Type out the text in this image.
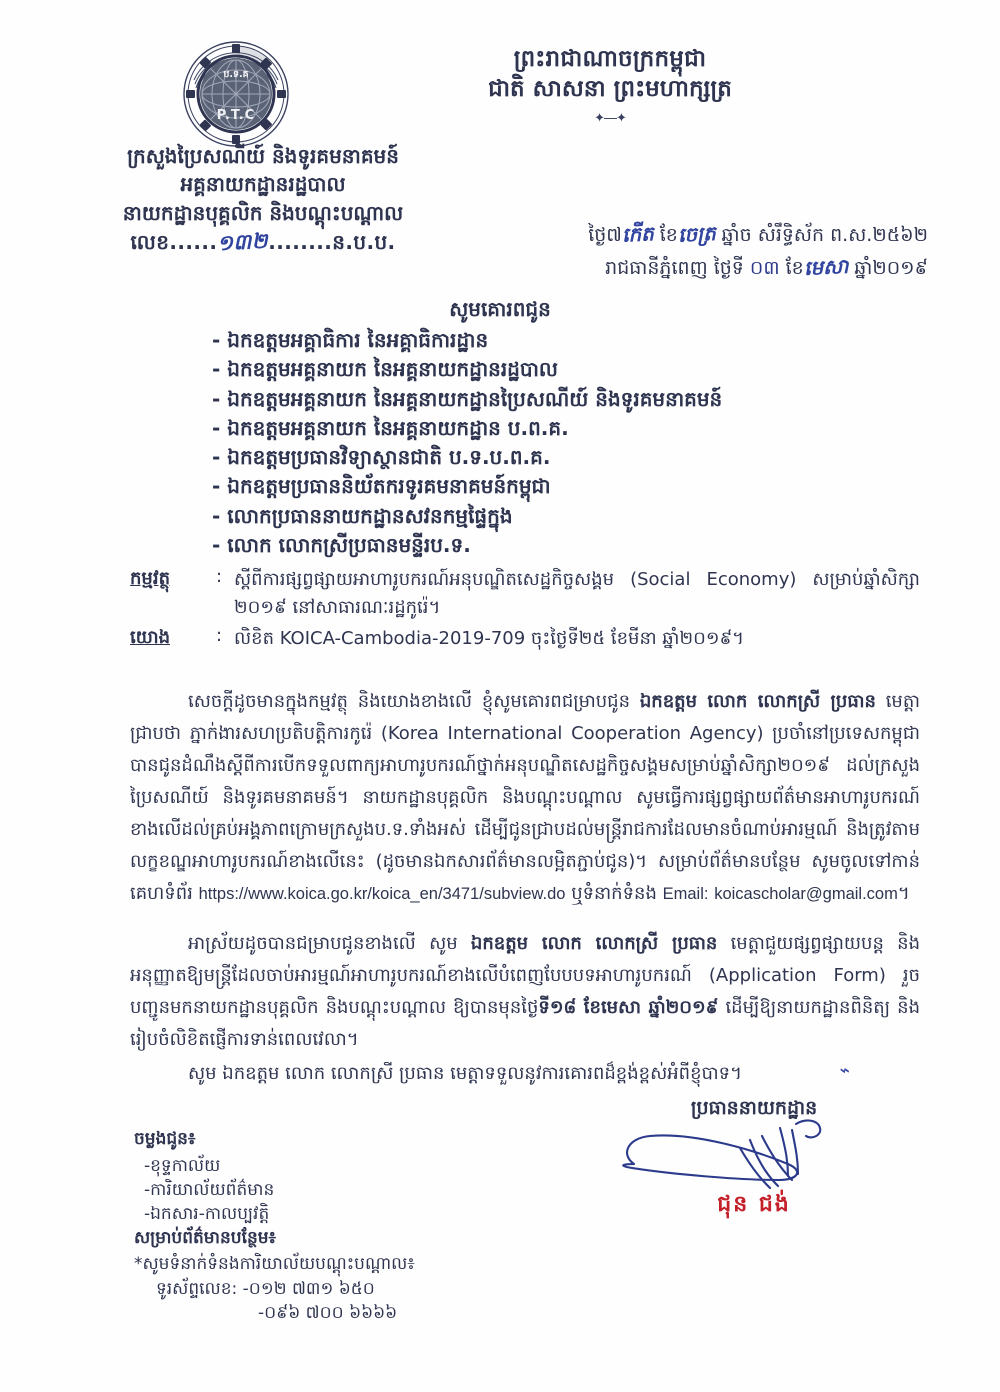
ប.ទ.គ
P.T.C
ព្រះរាជាណាចក្រកម្ពុជា
ជាតិ សាសនា ព្រះមហាក្សត្រ
✦―✦
ក្រសួងប្រៃសណីយ៍ និងទូរគមនាគមន៍
អគ្គនាយកដ្ឋានរដ្ឋបាល
នាយកដ្ឋានបុគ្គលិក និងបណ្ដុះបណ្ដាល
លេខ......១៣២........ន.ប.ប.	ថ្ងៃ៧កើត ខែចេត្រ ឆ្នាំច សំរឹទ្ធិស័ក ព.ស.២៥៦២
រាជធានីភ្នំពេញ ថ្ងៃទី ០៣ ខែមេសា ឆ្នាំ២០១៩
សូមគោរពជូន
- ឯកឧត្តមអគ្គាធិការ នៃអគ្គាធិការដ្ឋាន
- ឯកឧត្តមអគ្គនាយក នៃអគ្គនាយកដ្ឋានរដ្ឋបាល
- ឯកឧត្តមអគ្គនាយក នៃអគ្គនាយកដ្ឋានប្រៃសណីយ៍ និងទូរគមនាគមន៍
- ឯកឧត្តមអគ្គនាយក នៃអគ្គនាយកដ្ឋាន ប.ព.គ.
- ឯកឧត្តមប្រធានវិទ្យាស្ថានជាតិ ប.ទ.ប.ព.គ.
- ឯកឧត្តមប្រធាននិយ័តករទូរគមនាគមន៍កម្ពុជា
- លោកប្រធាននាយកដ្ឋានសវនកម្មផ្ទៃក្នុង
- លោក លោកស្រីប្រធានមន្ទីរប.ទ.
កម្មវត្ថុ	: ស្ដីពីការផ្សព្វផ្សាយអាហារូបករណ៍អនុបណ្ឌិតសេដ្ឋកិច្ចសង្គម (Social Economy) សម្រាប់ឆ្នាំសិក្សា ២០១៩ នៅសាធារណៈរដ្ឋកូរ៉េ។
យោង	: លិខិត KOICA-Cambodia-2019-709 ចុះថ្ងៃទី២៥ ខែមីនា ឆ្នាំ២០១៩។

សេចក្ដីដូចមានក្នុងកម្មវត្ថុ និងយោងខាងលើ ខ្ញុំសូមគោរពជម្រាបជូន ឯកឧត្តម លោក លោកស្រី ប្រធាន មេត្តាជ្រាបថា ភ្នាក់ងារសហប្រតិបត្តិការកូរ៉េ (Korea International Cooperation Agency) ប្រចាំនៅប្រទេសកម្ពុជា បានជូនដំណឹងស្ដីពីការបើកទទួលពាក្យអាហារូបករណ៍ថ្នាក់អនុបណ្ឌិតសេដ្ឋកិច្ចសង្គមសម្រាប់ឆ្នាំសិក្សា២០១៩ ដល់ក្រសួងប្រៃសណីយ៍ និងទូរគមនាគមន៍។ នាយកដ្ឋានបុគ្គលិក និងបណ្ដុះបណ្ដាល សូមធ្វើការផ្សព្វផ្សាយព័ត៌មានអាហារូបករណ៍ខាងលើដល់គ្រប់អង្គភាពក្រោមក្រសួងប.ទ.ទាំងអស់ ដើម្បីជូនជ្រាបដល់មន្ត្រីរាជការដែលមានចំណាប់អារម្មណ៍ និងត្រូវតាមលក្ខខណ្ឌអាហារូបករណ៍ខាងលើនេះ (ដូចមានឯកសារព័ត៌មានលម្អិតភ្ជាប់ជូន)។ សម្រាប់ព័ត៌មានបន្ថែម សូមចូលទៅកាន់គេហទំព័រ https://www.koica.go.kr/koica_en/3471/subview.do ឬទំនាក់ទំនង Email: koicascholar@gmail.com។

អាស្រ័យដូចបានជម្រាបជូនខាងលើ សូម ឯកឧត្តម លោក លោកស្រី ប្រធាន មេត្តាជួយផ្សព្វផ្សាយបន្ត និងអនុញ្ញាតឱ្យមន្ត្រីដែលចាប់អារម្មណ៍អាហារូបករណ៍ខាងលើបំពេញបែបបទអាហារូបករណ៍ (Application Form) រួចបញ្ជូនមកនាយកដ្ឋានបុគ្គលិក និងបណ្ដុះបណ្ដាល ឱ្យបានមុនថ្ងៃទី១៨ ខែមេសា ឆ្នាំ២០១៩ ដើម្បីឱ្យនាយកដ្ឋានពិនិត្យ និងរៀបចំលិខិតផ្ញើការទាន់ពេលវេលា។

សូម ឯកឧត្តម លោក លោកស្រី ប្រធាន មេត្តាទទួលនូវការគោរពដ៏ខ្ពង់ខ្ពស់អំពីខ្ញុំបាទ។

ប្រធាននាយកដ្ឋាន
ជុន ជង់
ចម្លងជូន៖
-ខុទ្ទកាល័យ
-ការិយាល័យព័ត៌មាន
-ឯកសារ-កាលប្បវត្តិ
សម្រាប់ព័ត៌មានបន្ថែម៖
*សូមទំនាក់ទំនងការិយាល័យបណ្ដុះបណ្ដាល៖
ទូរស័ព្ទលេខ: -០១២ ៧៣១ ៦៥០
-០៩៦ ៧០០ ៦៦៦៦
⌁
